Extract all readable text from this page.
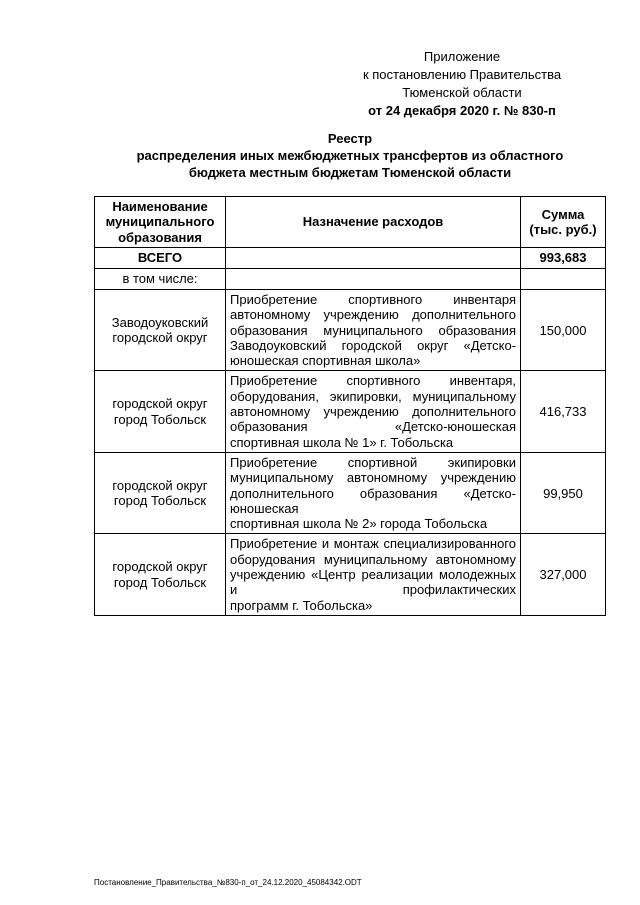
Приложение
к постановлению Правительства
Тюменской области
от 24 декабря 2020 г. № 830-п
Реестр
распределения иных межбюджетных трансфертов из областного
бюджета местным бюджетам Тюменской области
Наименование муниципального образования	Назначение расходов	Сумма (тыс. руб.)
ВСЕГО		993,683
в том числе:		
Заводоуковский городской округ	Приобретение спортивного инвентаря автономному учреждению дополнительного образования муниципального образования Заводоуковский городской округ «Детско-
юношеская спортивная школа»	150,000
городской округ город Тобольск	Приобретение спортивного инвентаря, оборудования, экипировки, муниципальному автономному учреждению дополнительного образования «Детско-юношеская
спортивная школа № 1» г. Тобольска	416,733
городской округ город Тобольск	Приобретение спортивной экипировки муниципальному автономному учреждению дополнительного образования «Детско-юношеская
спортивная школа № 2» города Тобольска	99,950
городской округ город Тобольск	Приобретение и монтаж специализированного оборудования муниципальному автономному учреждению «Центр реализации молодежных и профилактических
программ г. Тобольска»	327,000
Постановление_Правительства_№830-п_от_24.12.2020_45084342.ODT
